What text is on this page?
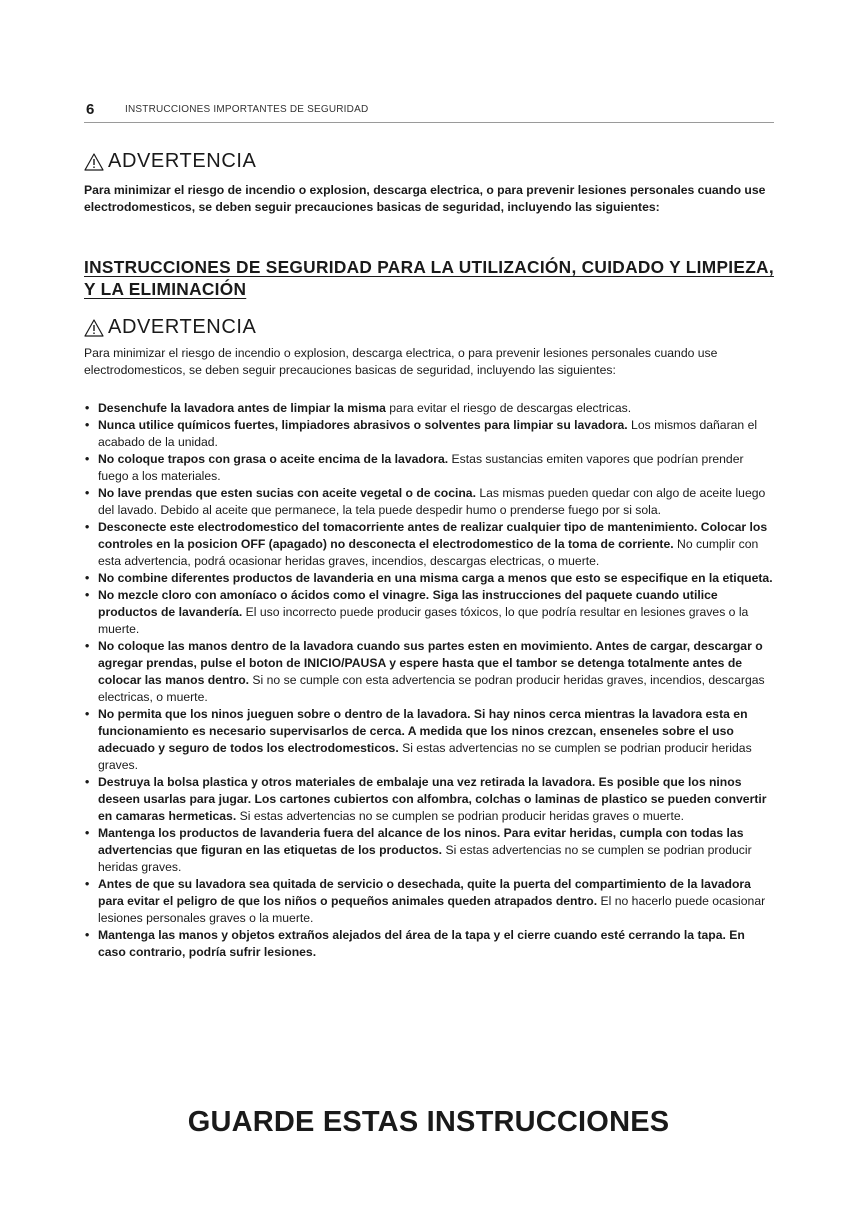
6	INSTRUCCIONES IMPORTANTES DE SEGURIDAD
ADVERTENCIA
Para minimizar el riesgo de incendio o explosion, descarga electrica, o para prevenir lesiones personales cuando use electrodomesticos, se deben seguir precauciones basicas de seguridad, incluyendo las siguientes:
INSTRUCCIONES DE SEGURIDAD PARA LA UTILIZACIÓN, CUIDADO Y LIMPIEZA, Y LA ELIMINACIÓN
ADVERTENCIA
Para minimizar el riesgo de incendio o explosion, descarga electrica, o para prevenir lesiones personales cuando use electrodomesticos, se deben seguir precauciones basicas de seguridad, incluyendo las siguientes:
• Desenchufe la lavadora antes de limpiar la misma para evitar el riesgo de descargas electricas.
• Nunca utilice químicos fuertes, limpiadores abrasivos o solventes para limpiar su lavadora. Los mismos dañaran el acabado de la unidad.
• No coloque trapos con grasa o aceite encima de la lavadora. Estas sustancias emiten vapores que podrían prender fuego a los materiales.
• No lave prendas que esten sucias con aceite vegetal o de cocina. Las mismas pueden quedar con algo de aceite luego del lavado. Debido al aceite que permanece, la tela puede despedir humo o prenderse fuego por si sola.
• Desconecte este electrodomestico del tomacorriente antes de realizar cualquier tipo de mantenimiento. Colocar los controles en la posicion OFF (apagado) no desconecta el electrodomestico de la toma de corriente. No cumplir con esta advertencia, podrá ocasionar heridas graves, incendios, descargas electricas, o muerte.
• No combine diferentes productos de lavanderia en una misma carga a menos que esto se especifique en la etiqueta.
• No mezcle cloro con amoníaco o ácidos como el vinagre. Siga las instrucciones del paquete cuando utilice productos de lavandería. El uso incorrecto puede producir gases tóxicos, lo que podría resultar en lesiones graves o la muerte.
• No coloque las manos dentro de la lavadora cuando sus partes esten en movimiento. Antes de cargar, descargar o agregar prendas, pulse el boton de INICIO/PAUSA y espere hasta que el tambor se detenga totalmente antes de colocar las manos dentro. Si no se cumple con esta advertencia se podran producir heridas graves, incendios, descargas electricas, o muerte.
• No permita que los ninos jueguen sobre o dentro de la lavadora. Si hay ninos cerca mientras la lavadora esta en funcionamiento es necesario supervisarlos de cerca. A medida que los ninos crezcan, enseneles sobre el uso adecuado y seguro de todos los electrodomesticos. Si estas advertencias no se cumplen se podrian producir heridas graves.
• Destruya la bolsa plastica y otros materiales de embalaje una vez retirada la lavadora. Es posible que los ninos deseen usarlas para jugar. Los cartones cubiertos con alfombra, colchas o laminas de plastico se pueden convertir en camaras hermeticas. Si estas advertencias no se cumplen se podrian producir heridas graves o muerte.
• Mantenga los productos de lavanderia fuera del alcance de los ninos. Para evitar heridas, cumpla con todas las advertencias que figuran en las etiquetas de los productos. Si estas advertencias no se cumplen se podrian producir heridas graves.
• Antes de que su lavadora sea quitada de servicio o desechada, quite la puerta del compartimiento de la lavadora para evitar el peligro de que los niños o pequeños animales queden atrapados dentro. El no hacerlo puede ocasionar lesiones personales graves o la muerte.
• Mantenga las manos y objetos extraños alejados del área de la tapa y el cierre cuando esté cerrando la tapa. En caso contrario, podría sufrir lesiones.
GUARDE ESTAS INSTRUCCIONES
